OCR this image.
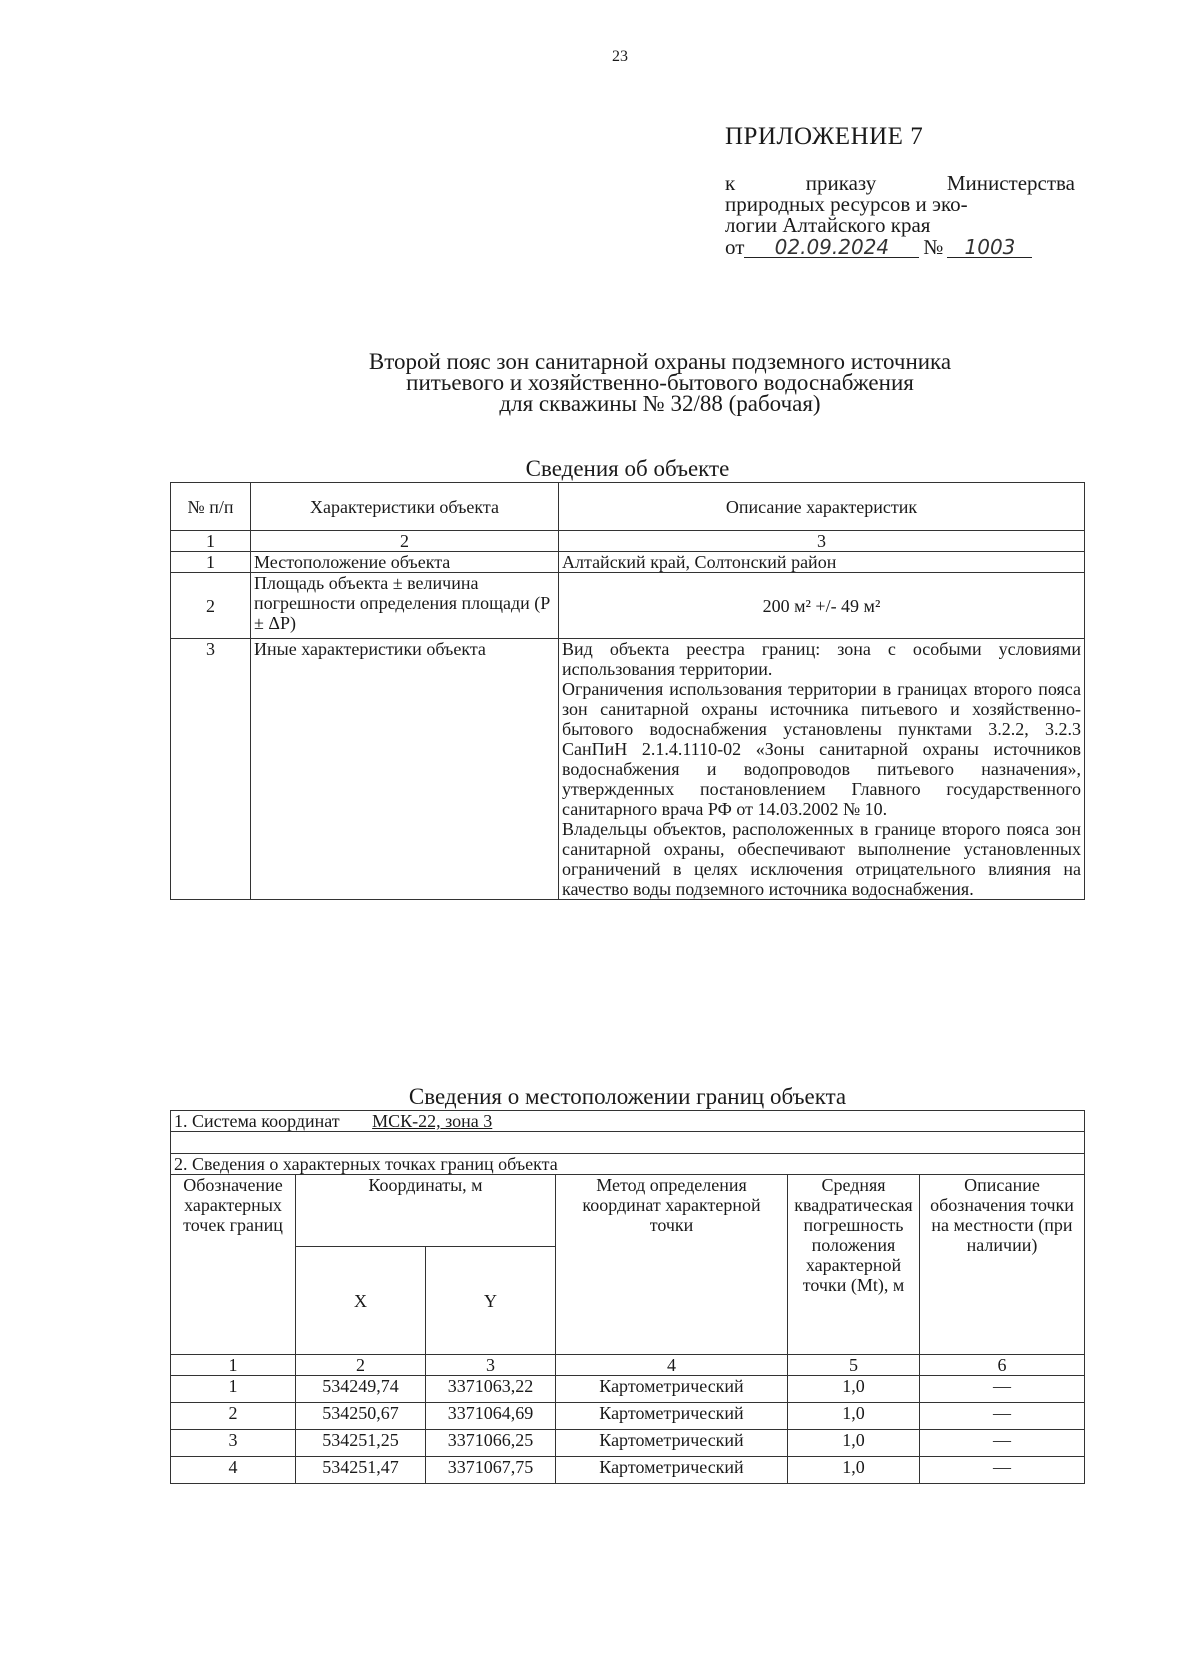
23
ПРИЛОЖЕНИЕ 7
к	приказу	Министерства
природных ресурсов и эко-
логии Алтайского края
от	02.09.2024	№	1003
Второй пояс зон санитарной охраны подземного источника
питьевого и хозяйственно-бытового водоснабжения
для скважины № 32/88 (рабочая)
Сведения об объекте
№ п/п	Характеристики объекта	Описание характеристик
1	2	3
1	Местоположение объекта	Алтайский край, Солтонский район
2	Площадь объекта ± величина погрешности определения площади (P ± ΔP)	200 м² +/- 49 м²
3	Иные характеристики объекта	Вид объекта реестра границ: зона с особыми условиями использования территории.
Ограничения использования территории в границах второго пояса зон санитарной охраны источника питьевого и хозяйственно-бытового водоснабжения установлены пунктами 3.2.2, 3.2.3 СанПиН 2.1.4.1110-02 «Зоны санитарной охраны источников водоснабжения и водопроводов питьевого назначения», утвержденных постановлением Главного государственного санитарного врача РФ от 14.03.2002 № 10.
Владельцы объектов, расположенных в границе второго пояса зон санитарной охраны, обеспечивают выполнение установленных ограничений в целях исключения отрицательного влияния на качество воды подземного источника водоснабжения.
Сведения о местоположении границ объекта
1. Система координат МСК-22, зона 3					

2. Сведения о характерных точках границ объекта					
Обозначение характерных точек границ	Координаты, м		Метод определения координат характерной точки	Средняя квадратическая погрешность положения характерной точки (Mt), м	Описание обозначения точки на местности (при наличии)
	X	Y			
1	2	3	4	5	6
1	534249,74	3371063,22	Картометрический	1,0	—
2	534250,67	3371064,69	Картометрический	1,0	—
3	534251,25	3371066,25	Картометрический	1,0	—
4	534251,47	3371067,75	Картометрический	1,0	—
